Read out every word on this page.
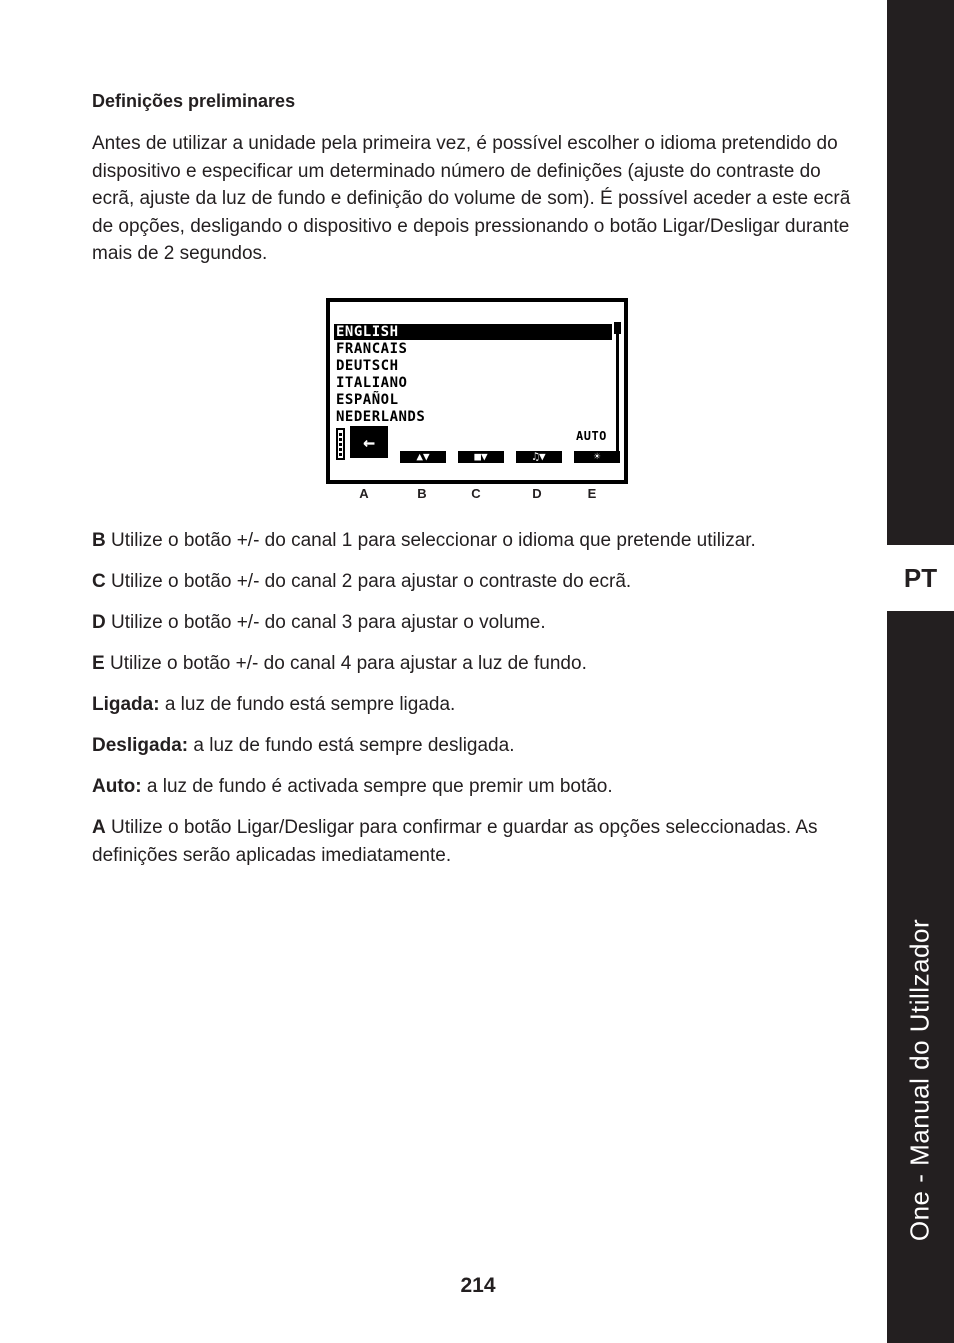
PT
One - Manual do Utillzador
Definições preliminares

Antes de utilizar a unidade pela primeira vez, é possível escolher o idioma pretendido do dispositivo e especificar um determinado número de definições (ajuste do contraste do ecrã, ajuste da luz de fundo e definição do volume de som). É possível aceder a este ecrã de opções, desligando o dispositivo e depois pressionando o botão Ligar/Desligar durante mais de 2 segundos.

ENGLISH
FRANCAIS
DEUTSCH
ITALIANO
ESPAÑOL
NEDERLANDS
←
▲▼	■▼	♫▼
AUTO
☀
A	B	C	D	E

B Utilize o botão +/- do canal 1 para seleccionar o idioma que pretende utilizar.

C Utilize o botão +/- do canal 2 para ajustar o contraste do ecrã.

D Utilize o botão +/- do canal 3 para ajustar o volume.

E Utilize o botão +/- do canal 4 para ajustar a luz de fundo.

Ligada: a luz de fundo está sempre ligada.

Desligada: a luz de fundo está sempre desligada.

Auto: a luz de fundo é activada sempre que premir um botão.

A Utilize o botão Ligar/Desligar para confirmar e guardar as opções seleccionadas. As definições serão aplicadas imediatamente.

214
